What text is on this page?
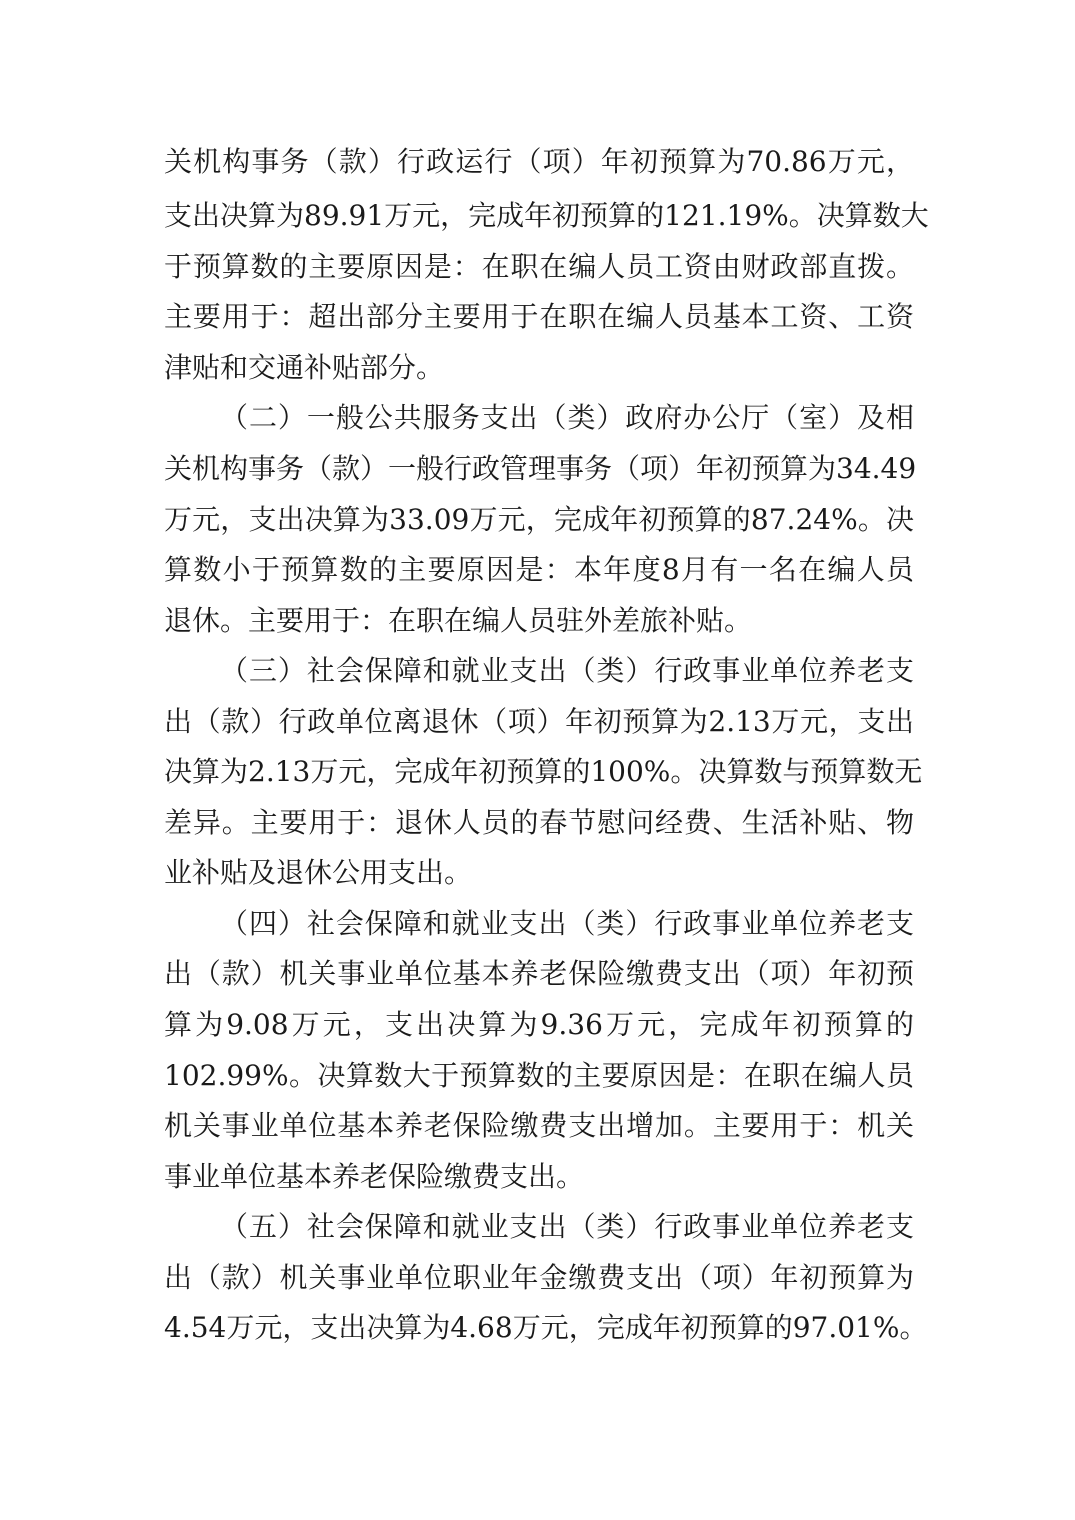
关机构事务（款）行政运行（项）年初预算为70.86万元，
支出决算为89.91万元，完成年初预算的121.19%。决算数大
于预算数的主要原因是：在职在编人员工资由财政部直拨。
主要用于：超出部分主要用于在职在编人员基本工资、工资
津贴和交通补贴部分。
（二）一般公共服务支出（类）政府办公厅（室）及相
关机构事务（款）一般行政管理事务（项）年初预算为34.49
万元，支出决算为33.09万元，完成年初预算的87.24%。决
算数小于预算数的主要原因是：本年度8月有一名在编人员
退休。主要用于：在职在编人员驻外差旅补贴。
（三）社会保障和就业支出（类）行政事业单位养老支
出（款）行政单位离退休（项）年初预算为2.13万元，支出
决算为2.13万元，完成年初预算的100%。决算数与预算数无
差异。主要用于：退休人员的春节慰问经费、生活补贴、物
业补贴及退休公用支出。
（四）社会保障和就业支出（类）行政事业单位养老支
出（款）机关事业单位基本养老保险缴费支出（项）年初预
算为9.08万元，支出决算为9.36万元，完成年初预算的
102.99%。决算数大于预算数的主要原因是：在职在编人员
机关事业单位基本养老保险缴费支出增加。主要用于：机关
事业单位基本养老保险缴费支出。
（五）社会保障和就业支出（类）行政事业单位养老支
出（款）机关事业单位职业年金缴费支出（项）年初预算为
4.54万元，支出决算为4.68万元，完成年初预算的97.01%。
